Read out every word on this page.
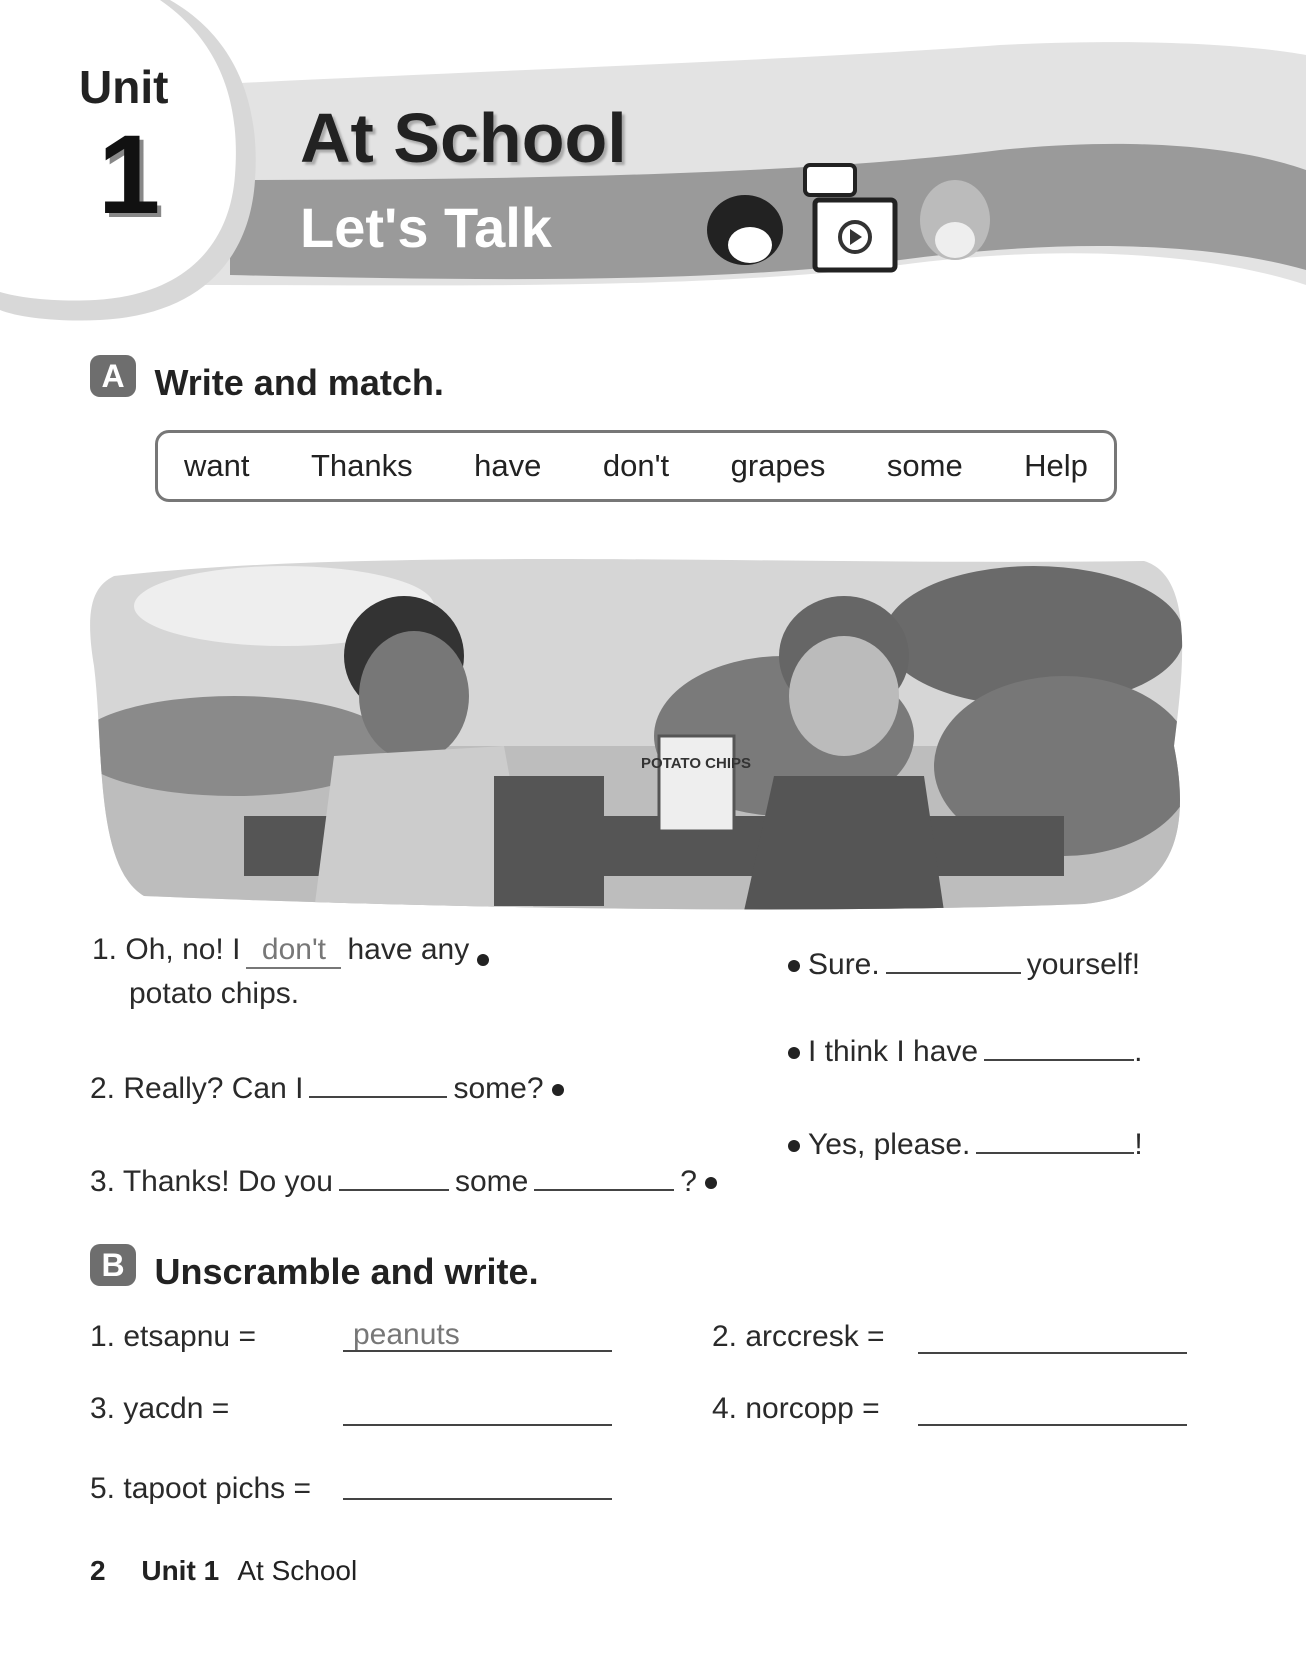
Unit
1 At School
Let's Talk
A Write and match.
want Thanks have don't grapes some Help
POTATO CHIPS
1. Oh, no! I don't have any
potato chips.
2. Really? Can I	some?
3. Thanks! Do you	some	?
Sure.	yourself!
I think I have	.
Yes, please.	!
B Unscramble and write.
1. etsapnu =	peanuts	2. arccresk =
3. yacdn =	4. norcopp =
5. tapoot pichs =
2 Unit 1 At School
